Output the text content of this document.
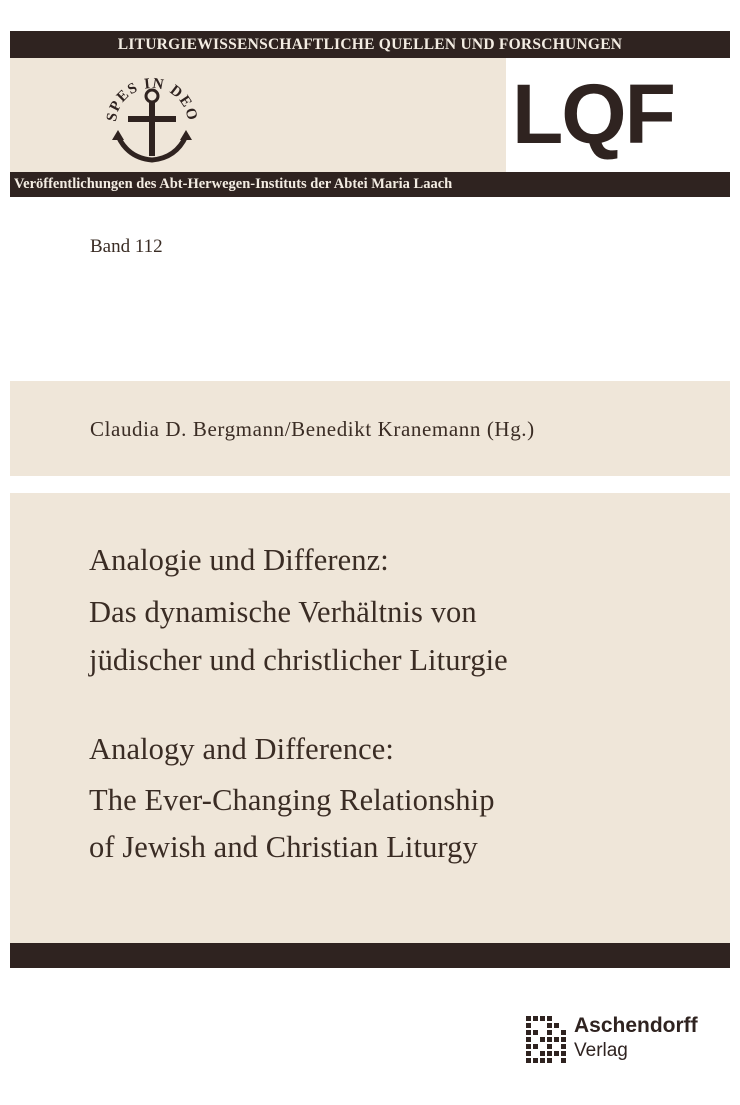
LITURGIEWISSENSCHAFTLICHE QUELLEN UND FORSCHUNGEN
SPES IN DEO	LQF
Veröffentlichungen des Abt-Herwegen-Instituts der Abtei Maria Laach
Band 112
Claudia D. Bergmann/Benedikt Kranemann (Hg.)
Analogie und Differenz:
Das dynamische Verhältnis von
jüdischer und christlicher Liturgie
Analogy and Difference:
The Ever-Changing Relationship
of Jewish and Christian Liturgy
Aschendorff
Verlag
